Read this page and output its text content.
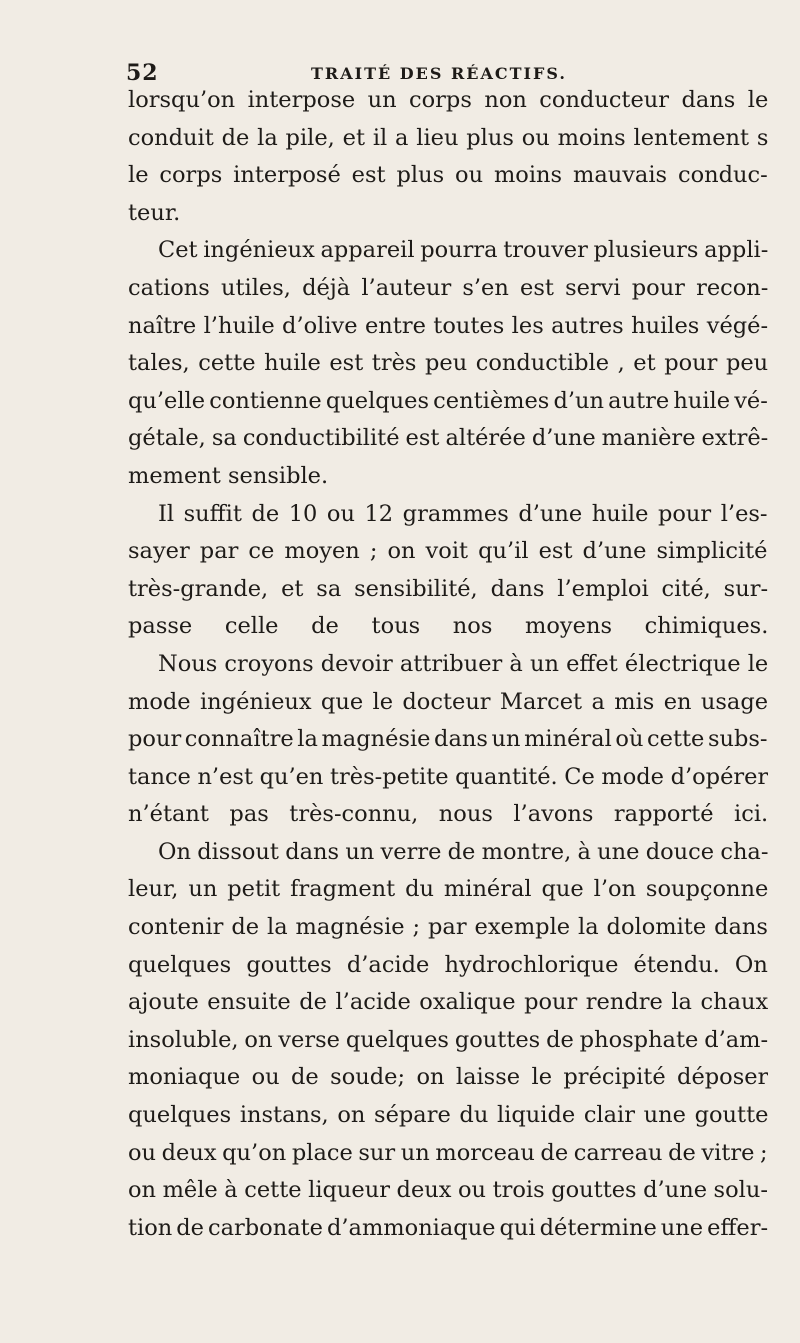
52	TRAITÉ DES RÉACTIFS.
lorsqu’on interpose un corps non conducteur dans le
conduit de la pile, et il a lieu plus ou moins lentement s
le corps interposé est plus ou moins mauvais conduc-
teur.
Cet ingénieux appareil pourra trouver plusieurs appli-
cations utiles, déjà l’auteur s’en est servi pour recon-
naître l’huile d’olive entre toutes les autres huiles végé-
tales, cette huile est très peu conductible , et pour peu
qu’elle contienne quelques centièmes d’un autre huile vé-
gétale, sa conductibilité est altérée d’une manière extrê-
mement sensible.
Il suffit de 10 ou 12 grammes d’une huile pour l’es-
sayer par ce moyen ; on voit qu’il est d’une simplicité
très-grande, et sa sensibilité, dans l’emploi cité, sur-
passe celle de tous nos moyens chimiques.
Nous croyons devoir attribuer à un effet électrique le
mode ingénieux que le docteur Marcet a mis en usage
pour connaître la magnésie dans un minéral où cette subs-
tance n’est qu’en très-petite quantité. Ce mode d’opérer
n’étant pas très-connu, nous l’avons rapporté ici.
On dissout dans un verre de montre, à une douce cha-
leur, un petit fragment du minéral que l’on soupçonne
contenir de la magnésie ; par exemple la dolomite dans
quelques gouttes d’acide hydrochlorique étendu. On
ajoute ensuite de l’acide oxalique pour rendre la chaux
insoluble, on verse quelques gouttes de phosphate d’am-
moniaque ou de soude; on laisse le précipité déposer
quelques instans, on sépare du liquide clair une goutte
ou deux qu’on place sur un morceau de carreau de vitre ;
on mêle à cette liqueur deux ou trois gouttes d’une solu-
tion de carbonate d’ammoniaque qui détermine une effer-
